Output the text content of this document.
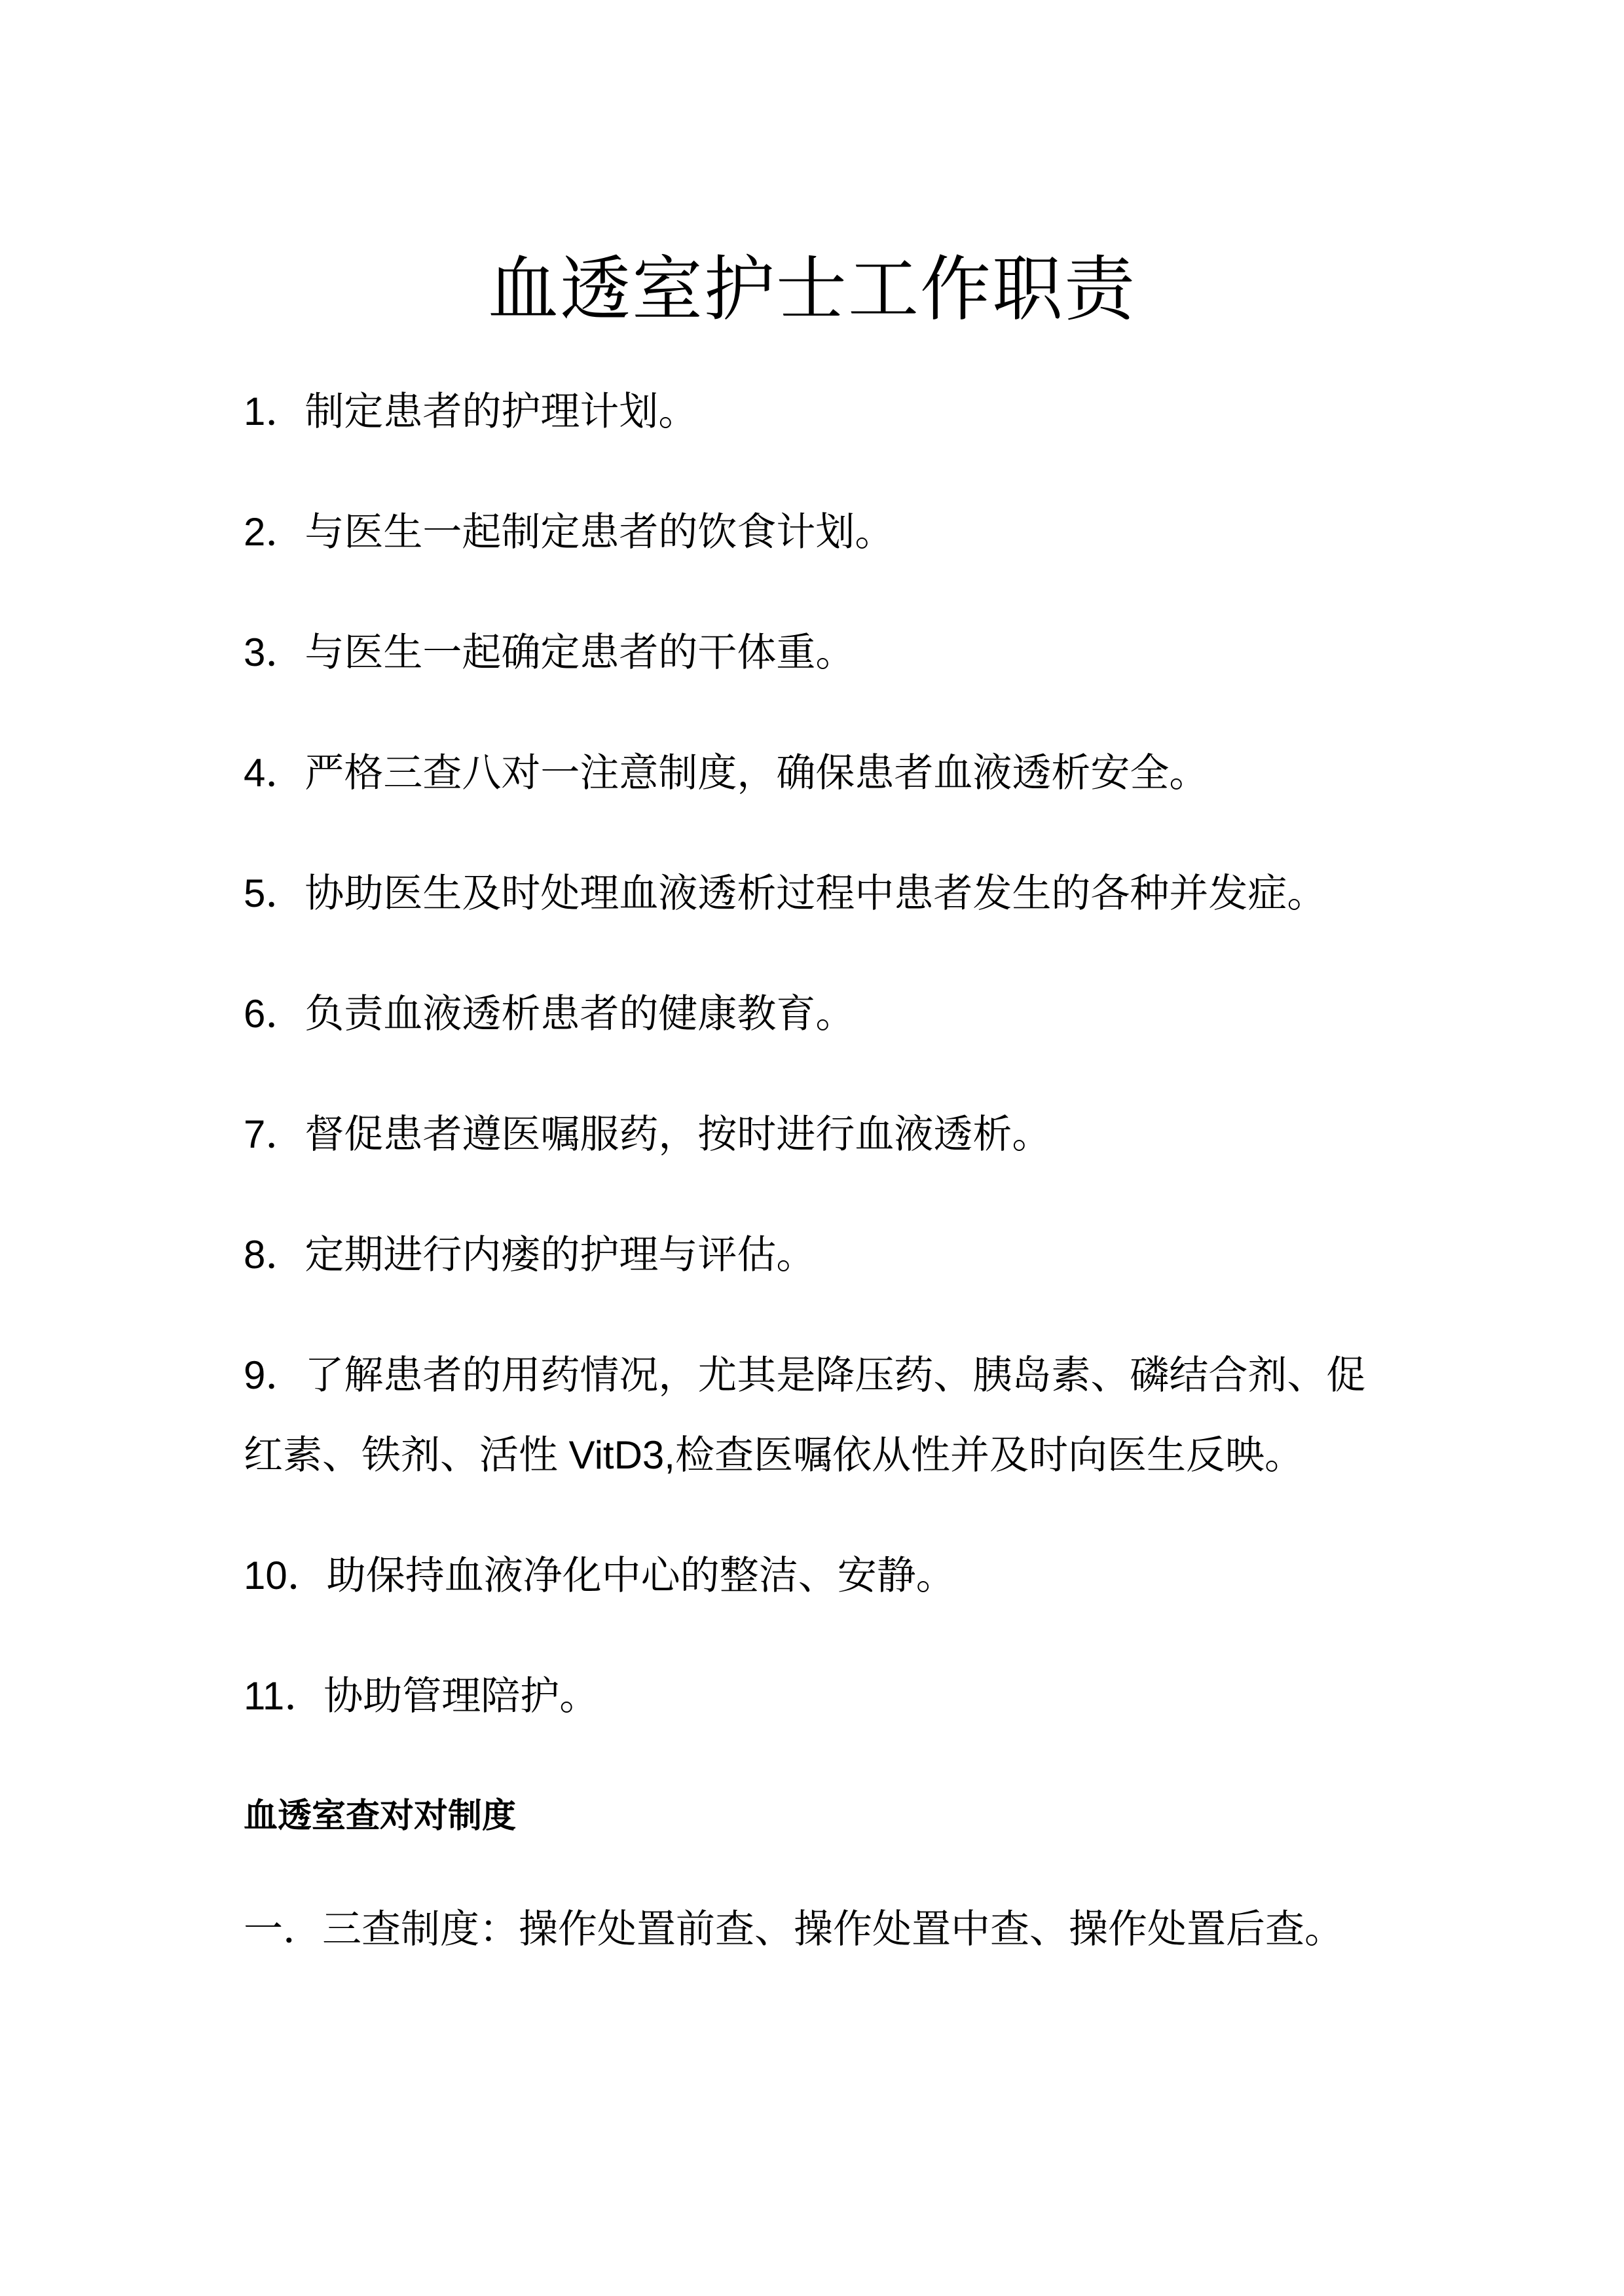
血透室护士工作职责

1．制定患者的护理计划。

2．与医生一起制定患者的饮食计划。

3．与医生一起确定患者的干体重。

4．严格三查八对一注意制度，确保患者血液透析安全。

5．协助医生及时处理血液透析过程中患者发生的各种并发症。

6．负责血液透析患者的健康教育。

7．督促患者遵医嘱服药，按时进行血液透析。

8．定期进行内瘘的护理与评估。

9．了解患者的用药情况，尤其是降压药、胰岛素、磷结合剂、促红素、铁剂、活性 VitD3,检查医嘱依从性并及时向医生反映。

10．助保持血液净化中心的整洁、安静。

11．协助管理陪护。

血透室查对对制度

一．三查制度：操作处置前查、操作处置中查、操作处置后查。
